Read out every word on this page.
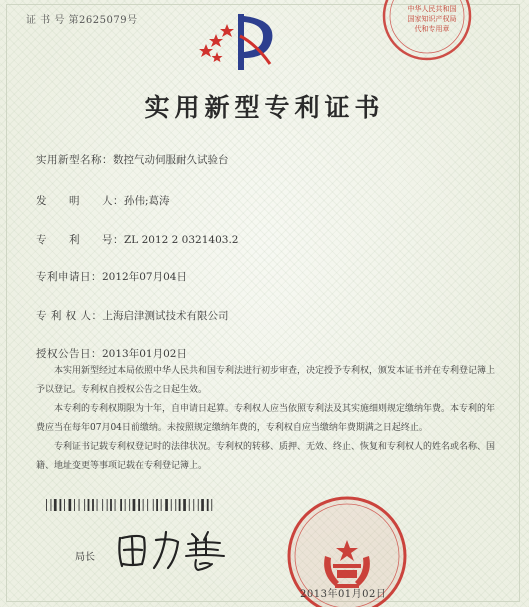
证 书 号 第2625079号
中华人民共和国
国家知识产权局
代和专用章
实用新型专利证书
实用新型名称：数控气动伺服耐久试验台
发　　明　　人：孙伟;葛涛
专　　利　　号：ZL 2012 2 0321403.2
专利申请日：2012年07月04日
专 利 权 人：上海启津测试技术有限公司
授权公告日：2013年01月02日

本实用新型经过本局依照中华人民共和国专利法进行初步审查，决定授予专利权，颁发本证书并在专利登记簿上予以登记。专利权自授权公告之日起生效。

本专利的专利权期限为十年，自申请日起算。专利权人应当依照专利法及其实施细则规定缴纳年费。本专利的年费应当在每年07月04日前缴纳。未按照规定缴纳年费的，专利权自应当缴纳年费期满之日起终止。

专利证书记载专利权登记时的法律状况。专利权的转移、质押、无效、终止、恢复和专利权人的姓名或名称、国籍、地址变更等事项记载在专利登记簿上。

局长
2013年01月02日
